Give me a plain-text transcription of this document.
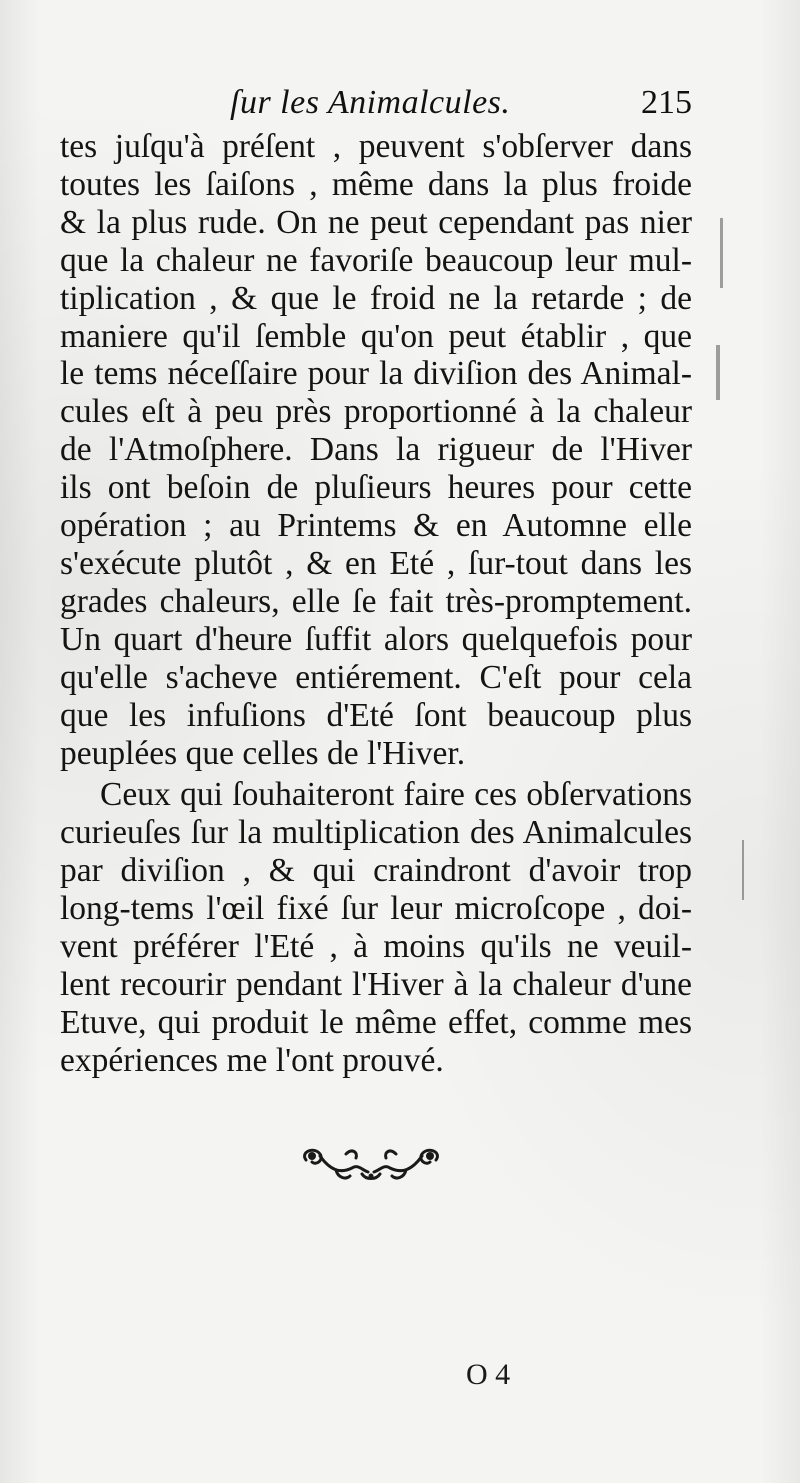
ſur les Animalcules.	215
tes juſqu'à préſent , peuvent s'obſerver dans
toutes les ſaiſons , même dans la plus froide
& la plus rude. On ne peut cependant pas nier
que la chaleur ne favoriſe beaucoup leur mul-
tiplication , & que le froid ne la retarde ; de
maniere qu'il ſemble qu'on peut établir , que
le tems néceſſaire pour la diviſion des Animal-
cules eſt à peu près proportionné à la chaleur
de l'Atmoſphere. Dans la rigueur de l'Hiver
ils ont beſoin de pluſieurs heures pour cette
opération ; au Printems & en Automne elle
s'exécute plutôt , & en Eté , ſur-tout dans les
grades chaleurs, elle ſe fait très-promptement.
Un quart d'heure ſuffit alors quelquefois pour
qu'elle s'acheve entiérement. C'eſt pour cela
que les infuſions d'Eté ſont beaucoup plus
peuplées que celles de l'Hiver.
Ceux qui ſouhaiteront faire ces obſervations
curieuſes ſur la multiplication des Animalcules
par diviſion , & qui craindront d'avoir trop
long-tems l'œil fixé ſur leur microſcope , doi-
vent préférer l'Eté , à moins qu'ils ne veuil-
lent recourir pendant l'Hiver à la chaleur d'une
Etuve, qui produit le même effet, comme mes
expériences me l'ont prouvé.
O 4
